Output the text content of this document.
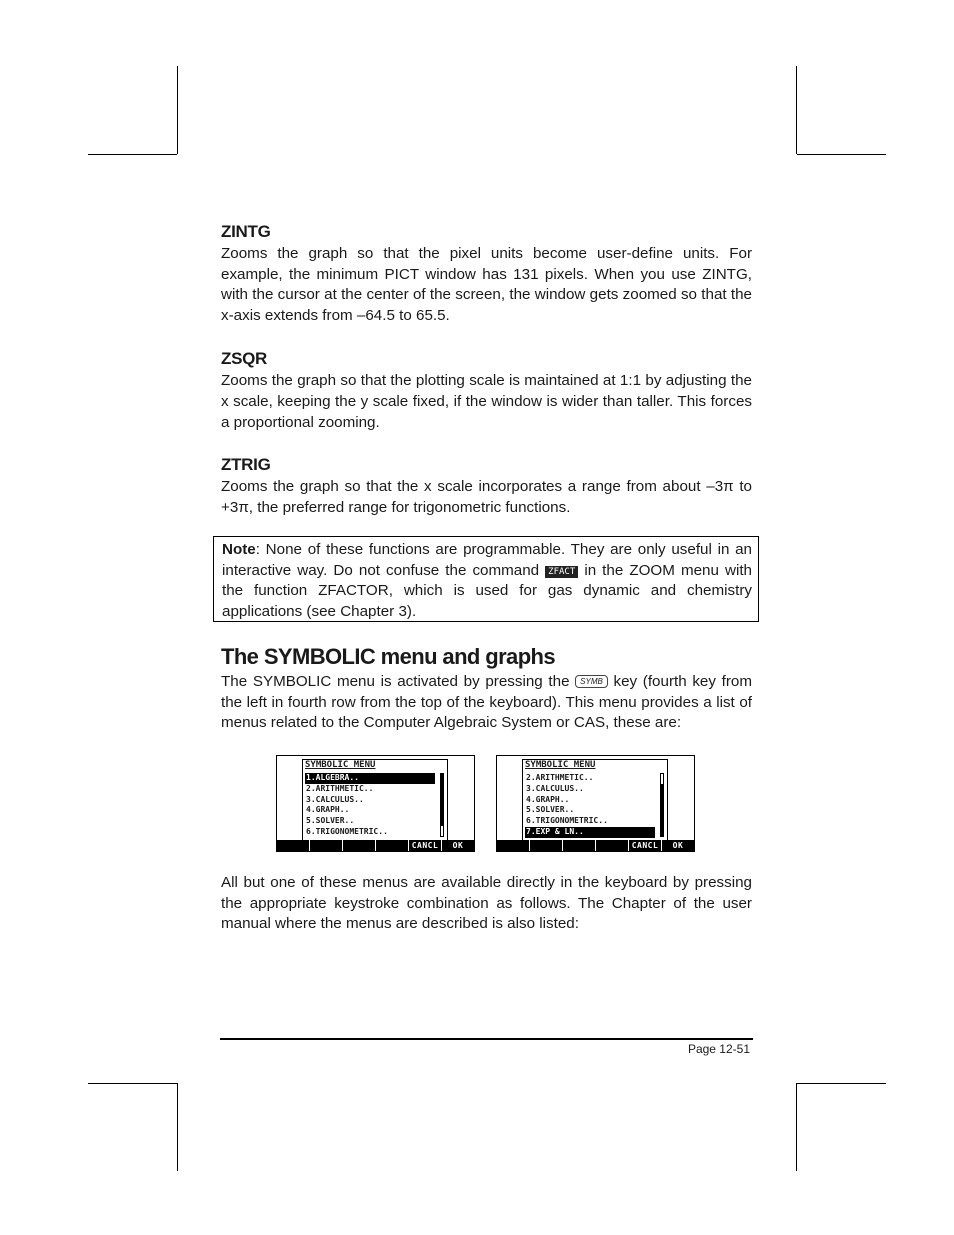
ZINTG

Zooms the graph so that the pixel units become user-define units. For example, the minimum PICT window has 131 pixels. When you use ZINTG, with the cursor at the center of the screen, the window gets zoomed so that the x-axis extends from –64.5 to 65.5.

ZSQR

Zooms the graph so that the plotting scale is maintained at 1:1 by adjusting the x scale, keeping the y scale fixed, if the window is wider than taller. This forces a proportional zooming.

ZTRIG

Zooms the graph so that the x scale incorporates a range from about –3π to +3π, the preferred range for trigonometric functions.

Note: None of these functions are programmable. They are only useful in an interactive way. Do not confuse the command ZFACT in the ZOOM menu with the function ZFACTOR, which is used for gas dynamic and chemistry applications (see Chapter 3).
The SYMBOLIC menu and graphs

The SYMBOLIC menu is activated by pressing the SYMB key (fourth key from the left in fourth row from the top of the keyboard). This menu provides a list of menus related to the Computer Algebraic System or CAS, these are:

SYMBOLIC MENU
1.ALGEBRA..
2.ARITHMETIC..
3.CALCULUS..
4.GRAPH..
5.SOLVER..
6.TRIGONOMETRIC..
CANCL	OK
SYMBOLIC MENU
2.ARITHMETIC..
3.CALCULUS..
4.GRAPH..
5.SOLVER..
6.TRIGONOMETRIC..
7.EXP & LN..
CANCL	OK

All but one of these menus are available directly in the keyboard by pressing the appropriate keystroke combination as follows. The Chapter of the user manual where the menus are described is also listed:

Page 12-51
